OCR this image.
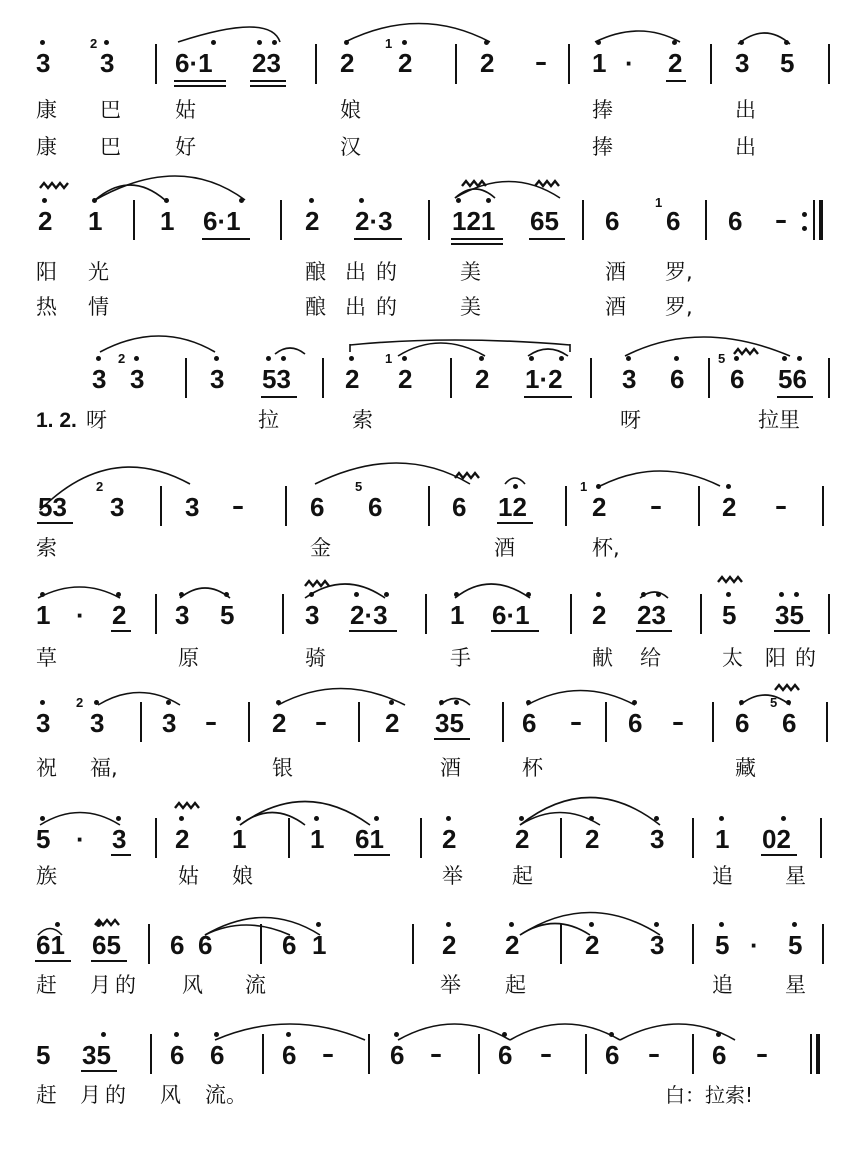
3
2
3 6·1 23 2
1
2	2 – 1 · 2 3 5
康 巴	姑	娘	捧	出
康 巴	好	汉	捧	出
2 1 1 6·1 2 2·3 121 65 6
1
6 6 –
阳 光	酿 出 的	美	酒 罗,
热 情	酿 出 的	美	酒 罗,
3
2
3	3 53 2
1
2 2 1·2 3 6
5
6 56
1. 2. 呀	拉	索	呀	拉里
53
2
3 3 –	6
5
6	6 12
1
2 – 2 –
索	金	酒	杯,
1 · 2 3 5	3 2·3 1 6·1 2 23 5 35
草	原	骑	手	献 给	太 阳 的
3
2
3 3 – 2 – 2 35 6 – 6 – 6
5
6
祝 福,	银	酒	杯	藏
5 · 3 2 1 1 61 2 2 2 3 1 02
族	姑 娘	举 起	追 星
61 65 6 6	6 1	2 2	2 3 5 · 5
赶 月 的 风 流	举 起	追 星
5 35 6 6 6 – 6 – 6 – 6 – 6 –
赶 月 的 风 流。	白：拉索!
